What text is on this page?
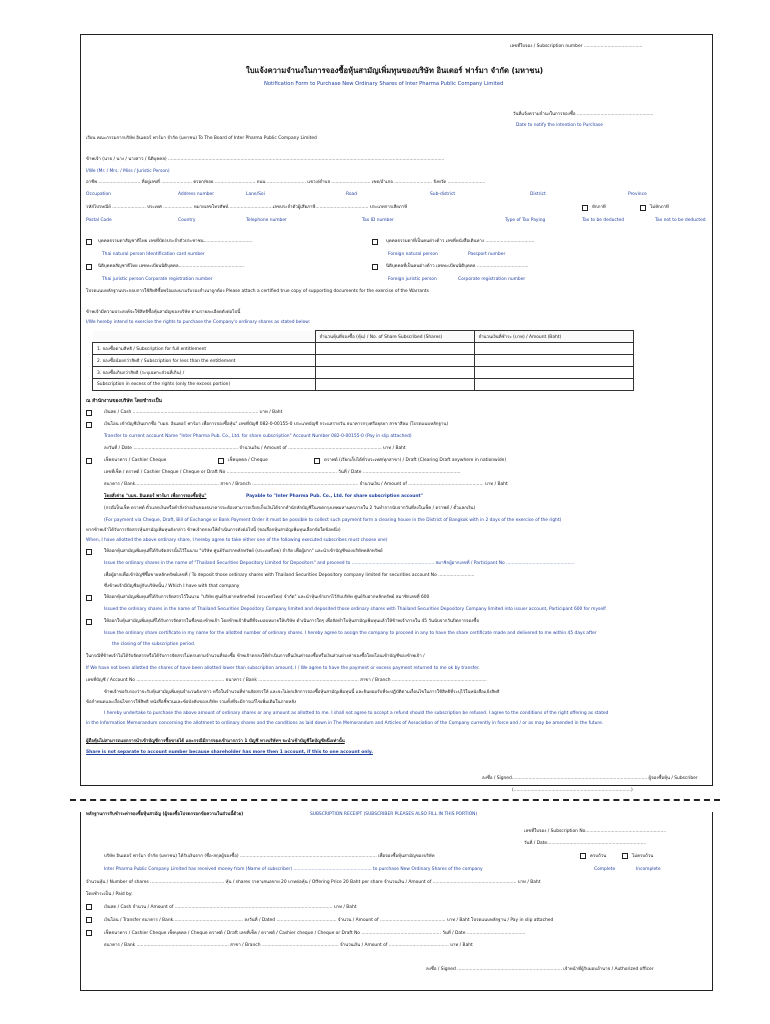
เลขที่ใบจอง / Subscription number ..........................................
ใบแจ้งความจำนงในการจองซื้อหุ้นสามัญเพิ่มทุนของบริษัท อินเตอร์ ฟาร์มา จำกัด (มหาชน)
Notification Form to Purchase New Ordinary Shares of Inter Pharma Public Company Limited
วันที่แจ้งความจำนงในการจองซื้อ .......................................................
Date to notify the intention to Purchase
เรียน คณะกรรมการบริษัท อินเตอร์ ฟาร์มา จำกัด (มหาชน) To The Board of Inter Pharma Public Company Limited
ข้าพเจ้า (นาย / นาง / นางสาว / นิติบุคคล) ......................................................................................................................................................................................................
I/We (Mr. / Mrs. / Miss / Juristic Person)
อาชีพ .............................. ที่อยู่เลขที่ ...................... ตรอก/ซอย ............................. ถนน ............................ แขวง/ตำบล ............................ เขต/อำเภอ ........................... จังหวัด ...........................
Occupation	Address number	Lane/Soi	Road	Sub-district	District	Province
รหัสไปรษณีย์ ........................ ประเทศ ..................... หมายเลขโทรศัพท์................................เลขประจำตัวผู้เสียภาษี...................................... ประเภทการเสียภาษี	หักภาษี	ไม่หักภาษี
Postal Code	Country	Telephone number	Tax ID number	Type of Tax Paying	Tax to be deducted	Tax not to be deducted
บุคคลธรรมดาสัญชาติไทย เลขที่บัตรประจำตัวประชาชน...................................
Thai natural person Identification card number
บุคคลธรรมดาที่เป็นคนต่างด้าว เลขที่หนังสือเดินทาง ...................................
Foreign natural person	Passport number
นิติบุคคลสัญชาติไทย เลขทะเบียนนิติบุคคล...............................................
Thai juristic person Corporate registration number
นิติบุคคลที่เป็นคนต่างด้าว เลขทะเบียนนิติบุคคล .....................................
Foreign juristic person	Corporate registration number
โปรดแนบหลักฐานประกอบการใช้สิทธิซื้อพร้อมลงนามรับรองสำเนาถูกต้อง Please attach a certified true copy of supporting documents for the exercise of the Warrants
ข้าพเจ้ามีความประสงค์จะใช้สิทธิซื้อหุ้นสามัญของบริษัท ตามรายละเอียดดังต่อไปนี้
I/We hereby intend to exercise the rights to purchase the Company's ordinary shares as stated below:
	จำนวนหุ้นที่จองซื้อ (หุ้น) / No. of Share Subscribed (Shares)	จำนวนเงินที่ชำระ (บาท) / Amount (Baht)
1. จองซื้อตามสิทธิ / Subscription for full entitlement		
2. จองซื้อน้อยกว่าสิทธิ / Subscription for less than the entitlement		
3. จองซื้อเกินกว่าสิทธิ (ระบุเฉพาะส่วนที่เกิน) /		
Subscription in excess of the rights (only the excess portion)		
ณ สำนักงานของบริษัท โดยชำระเป็น
เงินสด / Cash .......................................................................................... บาท / Baht
เงินโอน เข้าบัญชีเงินฝากชื่อ "บมจ. อินเตอร์ ฟาร์มา เพื่อการจองซื้อหุ้น" เลขที่บัญชี 082-0-00155-0 ประเภทบัญชี กระแสรายวัน ธนาคารกรุงศรีอยุธยา สาขาสีลม (โปรดแนบหลักฐาน)
Transfer to current account Name "Inter Pharma Pub. Co., Ltd. for share subscription" Account Number 082-0-00155-0 (Pay in slip attached)
ลงวันที่ / Date ........................................................................... จำนวนเงิน / Amount of ................................................................... บาท / Baht
เช็คธนาคาร / Cashier Cheque	เช็คบุคคล / Cheque	ดราฟต์ (เรียกเก็บได้ทั่วประเทศ/ทุกสาขา) / Draft (Clearing Draft anywhere in nationwide)
เลขที่เช็ค / ดราฟต์ / Cashier Cheque / Cheque or Draft No ............................................................................... วันที่ / Date ......................................................................
ธนาคาร / Bank............................................................ สาขา / Branch ............................................................................ จำนวนเงิน / Amount of ...................................................... บาท / Baht
โดยสั่งจ่าย "บมจ. อินเตอร์ ฟาร์มา เพื่อการจองซื้อหุ้น"	Payable to "Inter Pharma Pub. Co., Ltd. for share subscription account"
(กรณีเป็นเช็ค ดราฟต์ ตั๋วแลกเงินหรือคำสั่งจ่ายเงินของธนาคารจะต้องสามารถเรียกเก็บเงินได้จากสำนักหักบัญชีในเขตกรุงเทพมหานครภายใน 2 วันทำการนับจากวันที่ลงในเช็ค / ดราฟต์ / ตั๋วแลกเงิน)
(For payment via Cheque, Draft, Bill of Exchange or Bank Payment Order it must be possible to collect such payment form a clearing house in the District of Bangkok with in 2 days of the exercise of the right)
หากข้าพเจ้าได้รับการจัดสรรหุ้นสามัญเพิ่มทุนดังกล่าว ข้าพเจ้าตกลงให้ดำเนินการดังต่อไปนี้ (ขอเลือกหุ้นสามัญเพิ่มทุนเลือกข้อใดข้อหนึ่ง)
When, I have allotted the above ordinary share, I hereby agree to take either one of the following executed subscribes must choose one)
ให้ออกหุ้นสามัญเพิ่มทุนที่ได้รับจัดสรรนั้นไว้ในนาม "บริษัท ศูนย์รับฝากหลักทรัพย์ (ประเทศไทย) จำกัด เพื่อผู้ฝาก" และนำเข้าบัญชีของบริษัทหลักทรัพย์
Issue the ordinary shares in the name of "Thailand Securities Depository Limited for Depositors" and proceed to ........................................................... สมาชิกผู้ฝากเลขที่ / Participant No .................................................
เพื่อผู้ฝากเพื่อเข้าบัญชีซื้อขายหลักทรัพย์เลขที่ / To deposit those ordinary shares with Thailand Securities Depository company limited for securities account No ..........................
ซึ่งข้าพเจ้ามีบัญชีอยู่กับบริษัทนั้น / Which I have with that company
ให้ออกหุ้นสามัญเพิ่มทุนที่ได้รับการจัดสรรไว้ในนาม "บริษัท ศูนย์รับฝากหลักทรัพย์ (ประเทศไทย) จำกัด" และนำหุ้นเข้าฝากไว้กับบริษัท ศูนย์รับฝากหลักทรัพย์ สมาชิกเลขที่ 600
Issued the ordinary shares in the name of Thailand Securities Depository Company limited and deposited those ordinary shares with Thailand Securities Depository Company limited into issuer account, Participant 600 for myself
ให้ออกใบหุ้นสามัญเพิ่มทุนที่ได้รับการจัดสรรในชื่อของข้าพเจ้า โดยข้าพเจ้ายินดีที่จะมอบหมายให้บริษัท ดำเนินการใดๆ เพื่อจัดทำใบหุ้นสามัญเพิ่มทุนแล้วให้ข้าพเจ้าภายใน 45 วันนับจากวันปิดการจองซื้อ
Issue the ordinary share certificate in my name for the allotted number of ordinary shares. I hereby agree to assign the company to proceed in any to have the share certificate made and delivered to me within 45 days after
the closing of the subscription period.
ในกรณีที่ข้าพเจ้าไม่ได้รับจัดสรรหรือได้รับการจัดสรรไม่ครบตามจำนวนที่จองซื้อ ข้าพเจ้าตกลงให้ดำเนินการคืนเงินค่าจองซื้อหรือเงินส่วนต่างค่าจองซื้อโดยโอนเข้าบัญชีของข้าพเจ้า /
If We have not been allotted the shares of have been allotted lower than subscription amount, I / We agree to have the payment or excess payment returned to me ok by transfer.
เลขที่บัญชี / Account No ............................................................... ธนาคาร / Bank ........................................................................ สาขา / Branch ....................................................................
ข้าพเจ้าขอรับรองว่าจะรับหุ้นสามัญเพิ่มทุนจำนวนดังกล่าว หรือในจำนวนที่ท่านจัดสรรให้ และจะไม่ยกเลิกการจองซื้อหุ้นสามัญเพิ่มทุนนี้ และยินยอมรับที่จะปฏิบัติตามเงื่อนไขในการใช้สิทธิที่ระบุไว้ในหนังสือแจ้งสิทธิ
ข้อกำหนดและเงื่อนไขการใช้สิทธิ หนังสือชี้ชวนและข้อบังคับของบริษัท รวมทั้งที่จะมีการแก้ไขเพิ่มเติมในภายหลัง
I hereby undertake to purchase the above amount of ordinary shares or any amount as allotted to me. I shall not agree to accept a refund should the subscription be refused. I agree to the conditions of the right offering as stated
in the Information Memorandum concerning the allotment to ordinary shares and the conditions as laid down in The Memorandum and Articles of Association of the Company currently in force and / or as may be amended in the future.
ผู้ถือหุ้นไม่สามารถแยกการนำเข้าบัญชีการซื้อขายได้ และกรณีมีการจองเข้ามากกว่า 1 บัญชี ทางบริษัทฯ จะนำเข้าบัญชีใดบัญชีหนึ่งเท่านั้น
Share is not separate to account number because shareholder has more then 1 account, if this to one account only.
ลงชื่อ / Signed................................................................................................. ผู้จองซื้อหุ้น / Subscriber
(....................................................................................)
หลักฐานการรับชำระค่าจองซื้อหุ้นสามัญ (ผู้จองซื้อโปรดกรอกข้อความในส่วนนี้ด้วย)	SUBSCRIPTION RECEIPT (SUBSCRIBER PLEASES ALSO FILL IN THIS PORTION)
เลขที่ใบจอง / Subscription No..........................................................
วันที่ / Date.......................................................................
บริษัท อินเตอร์ ฟาร์มา จำกัด (มหาชน) ได้รับเงินจาก (ชื่อ-สกุลผู้จองซื้อ) .................................................................................................. เพื่อจองซื้อหุ้นสามัญของบริษัท	ครบถ้วน	ไม่ครบถ้วน
Inter Pharma Public Company Limited has received money from (Name of subscriber) ........................................................ to purchase New Ordinary Shares of the company	Complete	Incomplete
จำนวนหุ้น / Number of shares ..................................................... หุ้น / shares ราคาเสนอขาย 20 บาทต่อหุ้น / Offering Price 20 Baht per share จำนวนเงิน / Amount of ............................................................ บาท / Baht
โดยชำระเป็น / Paid by:
เงินสด / Cash จำนวน / Amount of ................................................................................................................. บาท / Baht
เงินโอน / Transfer ธนาคาร / Bank.................................................. ลงวันที่ / Dated ........................................... จำนวน / Amount of ............................................... บาท / Baht โปรดแนบหลักฐาน / Pay in slip attached
เช็คธนาคาร / Cashier Cheque เช็คบุคคล / Cheque ดราฟต์ / Draft เลขที่เช็ค / ดราฟต์ / Cashier cheque / Cheque or Draft No ......................................................... วันที่ / Date ..........................................
ธนาคาร / Bank .................................................................. สาขา / Branch ....................................................... จำนวนเงิน / Amount of ........................................... บาท / Baht
ลงชื่อ / Signed ........................................................................... เจ้าหน้าที่ผู้รับมอบอำนาจ / Authorized officer
